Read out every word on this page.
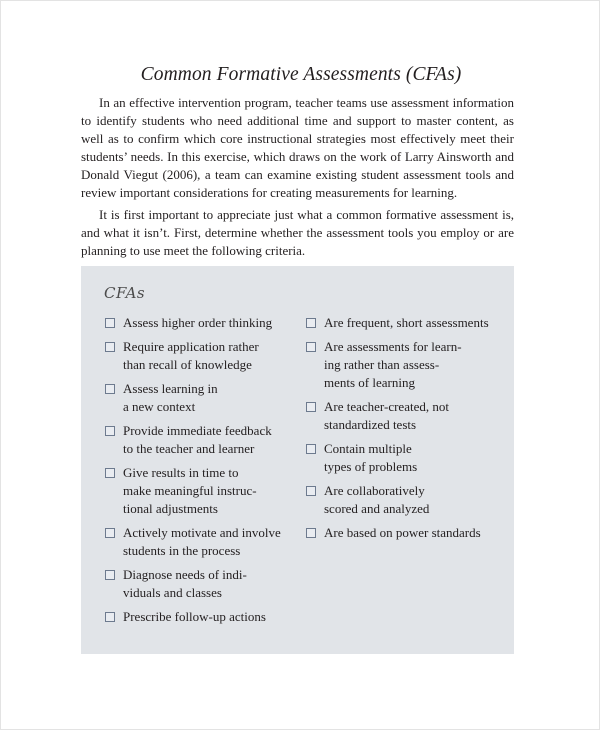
Common Formative Assessments (CFAs)
In an effective intervention program, teacher teams use assessment information to identify students who need additional time and support to master content, as well as to confirm which core instructional strategies most effectively meet their students’ needs. In this exercise, which draws on the work of Larry Ainsworth and Donald Viegut (2006), a team can examine existing student assessment tools and review important considerations for creating measurements for learning.
It is first important to appreciate just what a common formative assessment is, and what it isn’t. First, determine whether the assessment tools you employ or are planning to use meet the following criteria.
CFAs
Assess higher order thinking
Require application rather
than recall of knowledge
Assess learning in
a new context
Provide immediate feedback
to the teacher and learner
Give results in time to
make meaningful instruc-
tional adjustments
Actively motivate and involve
students in the process
Diagnose needs of indi-
viduals and classes
Prescribe follow-up actions
Are frequent, short assessments
Are assessments for learn-
ing rather than assess-
ments of learning
Are teacher-created, not
standardized tests
Contain multiple
types of problems
Are collaboratively
scored and analyzed
Are based on power standards
